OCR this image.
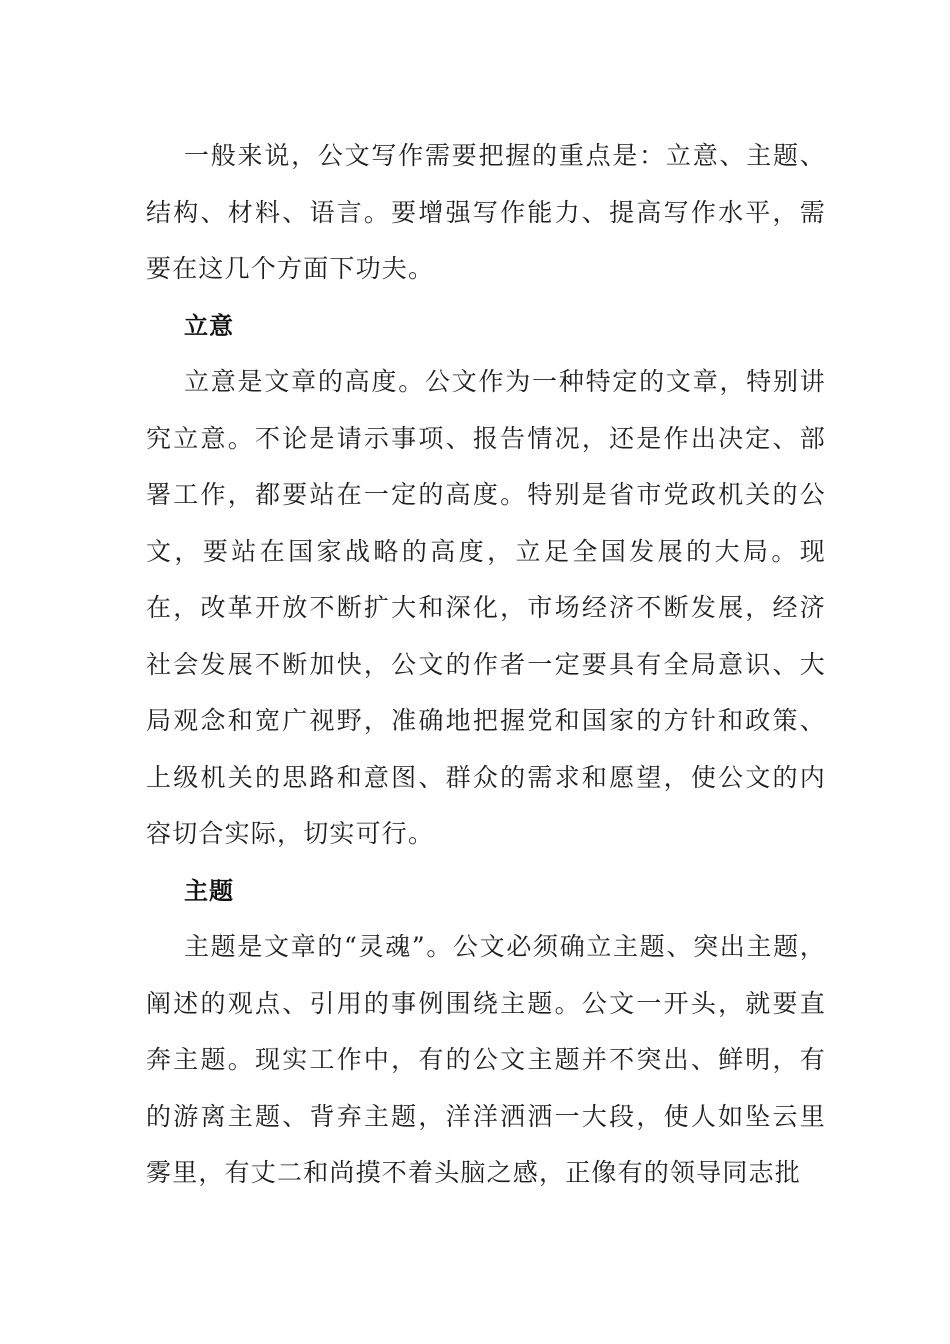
一般来说，公文写作需要把握的重点是：立意、主题、结构、材料、语言。要增强写作能力、提高写作水平，需要在这几个方面下功夫。

立意

立意是文章的高度。公文作为一种特定的文章，特别讲究立意。不论是请示事项、报告情况，还是作出决定、部署工作，都要站在一定的高度。特别是省市党政机关的公文，要站在国家战略的高度，立足全国发展的大局。现在，改革开放不断扩大和深化，市场经济不断发展，经济社会发展不断加快，公文的作者一定要具有全局意识、大局观念和宽广视野，准确地把握党和国家的方针和政策、上级机关的思路和意图、群众的需求和愿望，使公文的内容切合实际，切实可行。

主题

主题是文章的“灵魂”。公文必须确立主题、突出主题，阐述的观点、引用的事例围绕主题。公文一开头，就要直奔主题。现实工作中，有的公文主题并不突出、鲜明，有的游离主题、背弃主题，洋洋洒洒一大段，使人如坠云里雾里，有丈二和尚摸不着头脑之感，正像有的领导同志批
